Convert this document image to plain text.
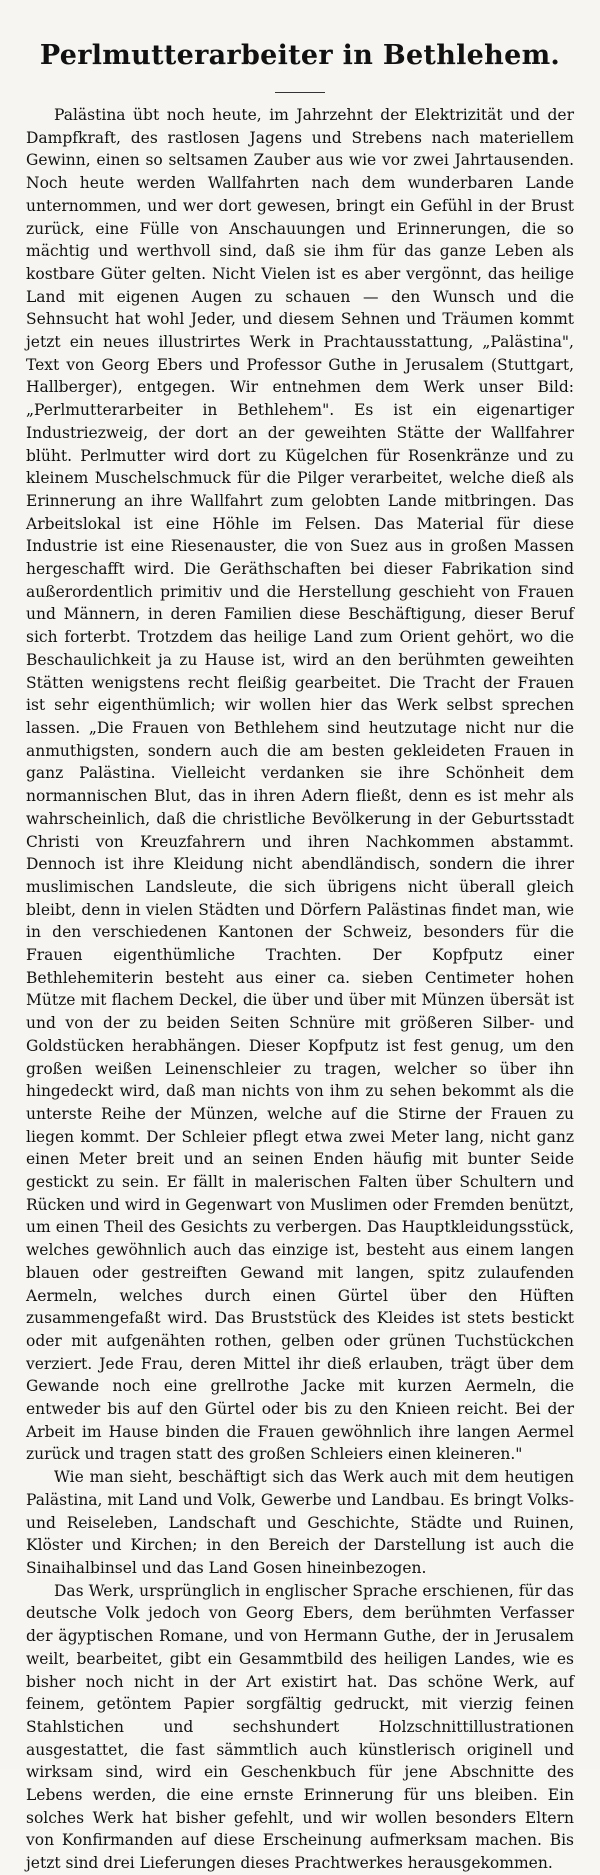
Perlmutterarbeiter in Bethlehem.

Palästina übt noch heute, im Jahrzehnt der Elektrizität und der Dampfkraft, des rastlosen Jagens und Strebens nach materiellem Gewinn, einen so seltsamen Zauber aus wie vor zwei Jahrtausenden. Noch heute werden Wallfahrten nach dem wunderbaren Lande unternommen, und wer dort gewesen, bringt ein Gefühl in der Brust zurück, eine Fülle von Anschauungen und Erinnerungen, die so mächtig und werthvoll sind, daß sie ihm für das ganze Leben als kostbare Güter gelten. Nicht Vielen ist es aber vergönnt, das heilige Land mit eigenen Augen zu schauen — den Wunsch und die Sehnsucht hat wohl Jeder, und diesem Sehnen und Träumen kommt jetzt ein neues illustrirtes Werk in Prachtausstattung, „Palästina", Text von Georg Ebers und Professor Guthe in Jerusalem (Stuttgart, Hallberger), entgegen. Wir entnehmen dem Werk unser Bild: „Perlmutterarbeiter in Bethlehem". Es ist ein eigenartiger Industriezweig, der dort an der geweihten Stätte der Wallfahrer blüht. Perlmutter wird dort zu Kügelchen für Rosenkränze und zu kleinem Muschelschmuck für die Pilger verarbeitet, welche dieß als Erinnerung an ihre Wallfahrt zum gelobten Lande mitbringen. Das Arbeitslokal ist eine Höhle im Felsen. Das Material für diese Industrie ist eine Riesenauster, die von Suez aus in großen Massen hergeschafft wird. Die Geräthschaften bei dieser Fabrikation sind außerordentlich primitiv und die Herstellung geschieht von Frauen und Männern, in deren Familien diese Beschäftigung, dieser Beruf sich forterbt. Trotzdem das heilige Land zum Orient gehört, wo die Beschaulichkeit ja zu Hause ist, wird an den berühmten geweihten Stätten wenigstens recht fleißig gearbeitet. Die Tracht der Frauen ist sehr eigenthümlich; wir wollen hier das Werk selbst sprechen lassen. „Die Frauen von Bethlehem sind heutzutage nicht nur die anmuthigsten, sondern auch die am besten gekleideten Frauen in ganz Palästina. Vielleicht verdanken sie ihre Schönheit dem normannischen Blut, das in ihren Adern fließt, denn es ist mehr als wahrscheinlich, daß die christliche Bevölkerung in der Geburtsstadt Christi von Kreuzfahrern und ihren Nachkommen abstammt. Dennoch ist ihre Kleidung nicht abendländisch, sondern die ihrer muslimischen Landsleute, die sich übrigens nicht überall gleich bleibt, denn in vielen Städten und Dörfern Palästinas findet man, wie in den verschiedenen Kantonen der Schweiz, besonders für die Frauen eigenthümliche Trachten. Der Kopfputz einer Bethlehemiterin besteht aus einer ca. sieben Centimeter hohen Mütze mit flachem Deckel, die über und über mit Münzen übersät ist und von der zu beiden Seiten Schnüre mit größeren Silber- und Goldstücken herabhängen. Dieser Kopfputz ist fest genug, um den großen weißen Leinenschleier zu tragen, welcher so über ihn hingedeckt wird, daß man nichts von ihm zu sehen bekommt als die unterste Reihe der Münzen, welche auf die Stirne der Frauen zu liegen kommt. Der Schleier pflegt etwa zwei Meter lang, nicht ganz einen Meter breit und an seinen Enden häufig mit bunter Seide gestickt zu sein. Er fällt in malerischen Falten über Schultern und Rücken und wird in Gegenwart von Muslimen oder Fremden benützt, um einen Theil des Gesichts zu verbergen. Das Hauptkleidungsstück, welches gewöhnlich auch das einzige ist, besteht aus einem langen blauen oder gestreiften Gewand mit langen, spitz zulaufenden Aermeln, welches durch einen Gürtel über den Hüften zusammengefaßt wird. Das Bruststück des Kleides ist stets bestickt oder mit aufgenähten rothen, gelben oder grünen Tuchstückchen verziert. Jede Frau, deren Mittel ihr dieß erlauben, trägt über dem Gewande noch eine grellrothe Jacke mit kurzen Aermeln, die entweder bis auf den Gürtel oder bis zu den Knieen reicht. Bei der Arbeit im Hause binden die Frauen gewöhnlich ihre langen Aermel zurück und tragen statt des großen Schleiers einen kleineren."

Wie man sieht, beschäftigt sich das Werk auch mit dem heutigen Palästina, mit Land und Volk, Gewerbe und Landbau. Es bringt Volks- und Reiseleben, Landschaft und Geschichte, Städte und Ruinen, Klöster und Kirchen; in den Bereich der Darstellung ist auch die Sinaihalbinsel und das Land Gosen hineinbezogen.

Das Werk, ursprünglich in englischer Sprache erschienen, für das deutsche Volk jedoch von Georg Ebers, dem berühmten Verfasser der ägyptischen Romane, und von Hermann Guthe, der in Jerusalem weilt, bearbeitet, gibt ein Gesammtbild des heiligen Landes, wie es bisher noch nicht in der Art existirt hat. Das schöne Werk, auf feinem, getöntem Papier sorgfältig gedruckt, mit vierzig feinen Stahlstichen und sechshundert Holzschnittillustrationen ausgestattet, die fast sämmtlich auch künstlerisch originell und wirksam sind, wird ein Geschenkbuch für jene Abschnitte des Lebens werden, die eine ernste Erinnerung für uns bleiben. Ein solches Werk hat bisher gefehlt, und wir wollen besonders Eltern von Konfirmanden auf diese Erscheinung aufmerksam machen. Bis jetzt sind drei Lieferungen dieses Prachtwerkes herausgekommen.
